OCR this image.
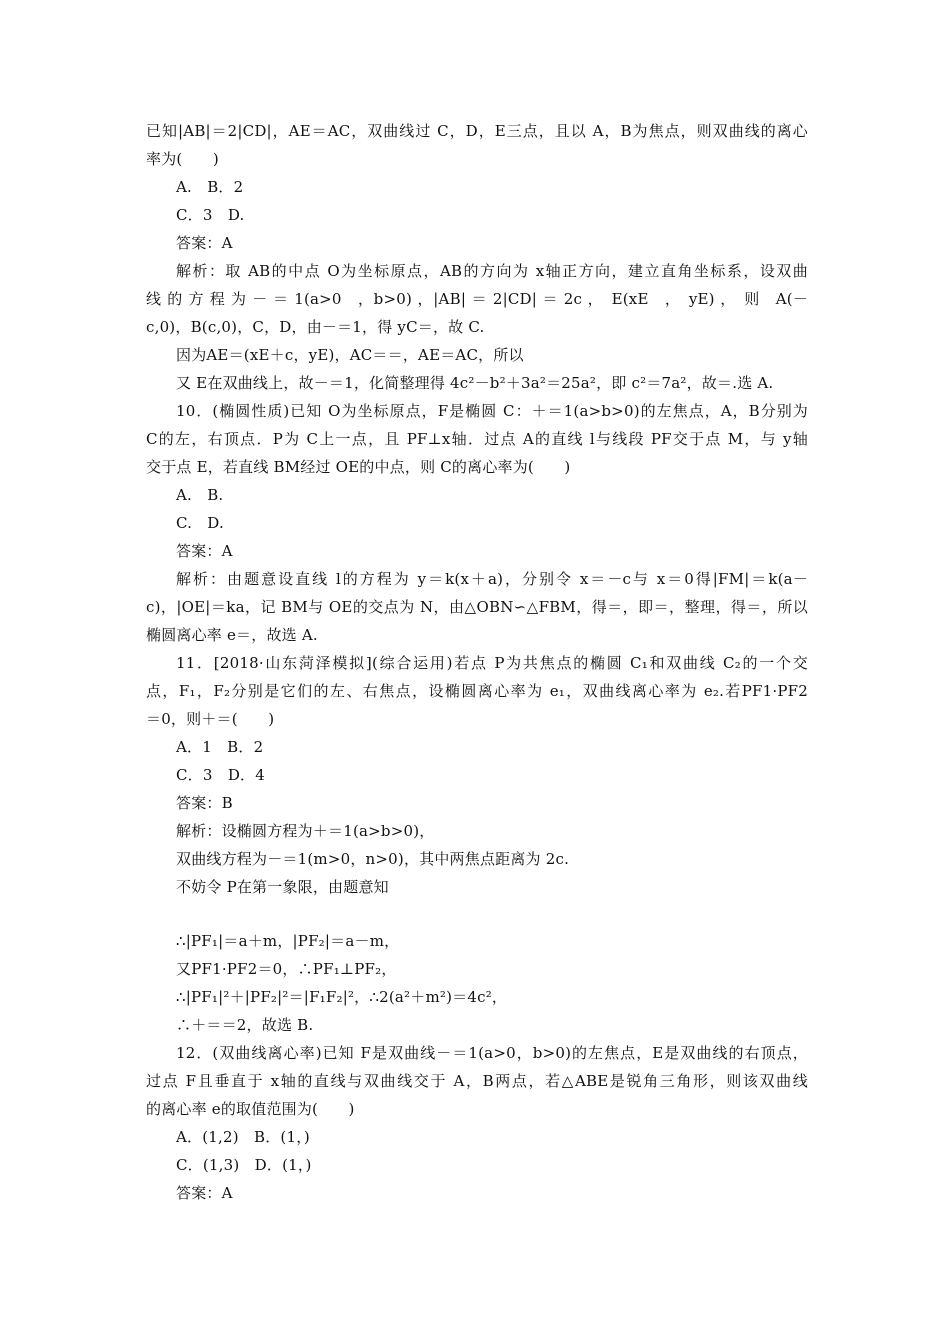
已知|AB|＝2|CD|，AE＝AC，双曲线过 C，D，E三点，且以 A，B为焦点，则双曲线的离心
率为(　　)
A.　B．2
C．3　D.
答案：A
解析：取 AB的中点 O为坐标原点，AB的方向为 x轴正方向，建立直角坐标系，设双曲
线 的 方 程 为 － ＝ 1(a>0　，b>0) ，|AB| ＝ 2|CD| ＝ 2c ，　E(xE　，　yE) ，　则　A(－
c,0)，B(c,0)，C，D，由－＝1，得 yC＝，故 C.
因为AE＝(xE＋c，yE)，AC＝＝，AE＝AC，所以
又 E在双曲线上，故－＝1，化简整理得 4c²－b²＋3a²＝25a²，即 c²＝7a²，故＝.选 A.
10．(椭圆性质)已知 O为坐标原点，F是椭圆 C：＋＝1(a>b>0)的左焦点，A，B分别为
C的左，右顶点．P为 C上一点，且 PF⊥x轴．过点 A的直线 l与线段 PF交于点 M，与 y轴
交于点 E，若直线 BM经过 OE的中点，则 C的离心率为(　　)
A.　B.
C.　D.
答案：A
解析：由题意设直线 l的方程为 y＝k(x＋a)，分别令 x＝－c与 x＝0得|FM|＝k(a－
c)，|OE|＝ka，记 BM与 OE的交点为 N，由△OBN∽△FBM，得＝，即＝，整理，得＝，所以
椭圆离心率 e＝，故选 A.
11．[2018·山东菏泽模拟](综合运用)若点 P为共焦点的椭圆 C₁和双曲线 C₂的一个交
点，F₁，F₂分别是它们的左、右焦点，设椭圆离心率为 e₁，双曲线离心率为 e₂.若PF1·PF2
＝0，则＋＝(　　)
A．1　B．2
C．3　D．4
答案：B
解析：设椭圆方程为＋＝1(a>b>0)，
双曲线方程为－＝1(m>0，n>0)，其中两焦点距离为 2c.
不妨令 P在第一象限，由题意知
∴|PF₁|＝a＋m，|PF₂|＝a－m，
又PF1·PF2＝0，∴PF₁⊥PF₂，
∴|PF₁|²＋|PF₂|²＝|F₁F₂|²，∴2(a²＋m²)＝4c²，
∴＋＝＝2，故选 B.
12．(双曲线离心率)已知 F是双曲线－＝1(a>0，b>0)的左焦点，E是双曲线的右顶点，
过点 F且垂直于 x轴的直线与双曲线交于 A，B两点，若△ABE是锐角三角形，则该双曲线
的离心率 e的取值范围为(　　)
A．(1,2)　B．(1，)
C．(1,3)　D．(1，)
答案：A
